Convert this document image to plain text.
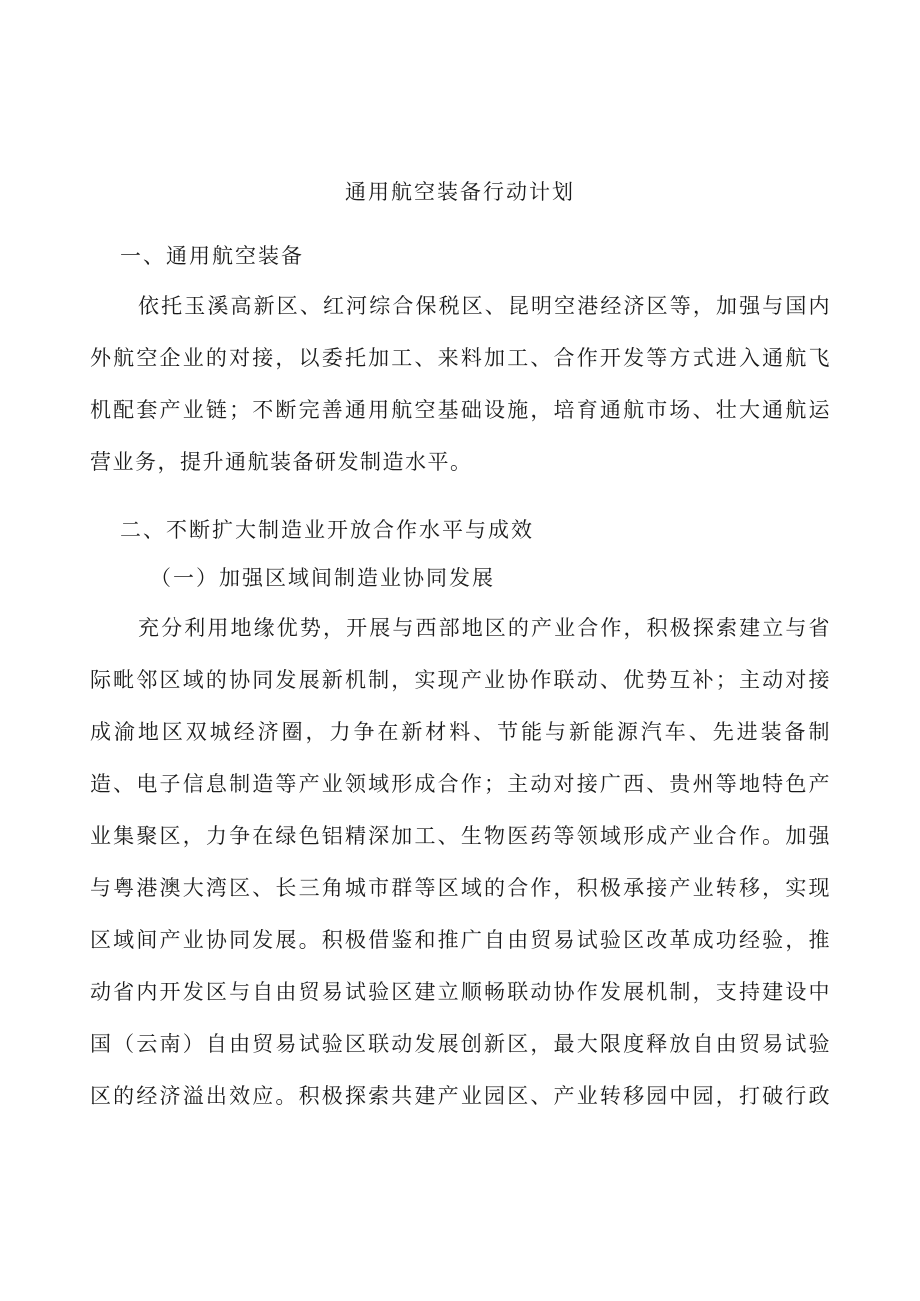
通用航空装备行动计划
一、通用航空装备
依托玉溪高新区、红河综合保税区、昆明空港经济区等，加强与国内
外航空企业的对接，以委托加工、来料加工、合作开发等方式进入通航飞
机配套产业链；不断完善通用航空基础设施，培育通航市场、壮大通航运
营业务，提升通航装备研发制造水平。
二、不断扩大制造业开放合作水平与成效
（一）加强区域间制造业协同发展
充分利用地缘优势，开展与西部地区的产业合作，积极探索建立与省
际毗邻区域的协同发展新机制，实现产业协作联动、优势互补；主动对接
成渝地区双城经济圈，力争在新材料、节能与新能源汽车、先进装备制
造、电子信息制造等产业领域形成合作；主动对接广西、贵州等地特色产
业集聚区，力争在绿色铝精深加工、生物医药等领域形成产业合作。加强
与粤港澳大湾区、长三角城市群等区域的合作，积极承接产业转移，实现
区域间产业协同发展。积极借鉴和推广自由贸易试验区改革成功经验，推
动省内开发区与自由贸易试验区建立顺畅联动协作发展机制，支持建设中
国（云南）自由贸易试验区联动发展创新区，最大限度释放自由贸易试验
区的经济溢出效应。积极探索共建产业园区、产业转移园中园，打破行政
